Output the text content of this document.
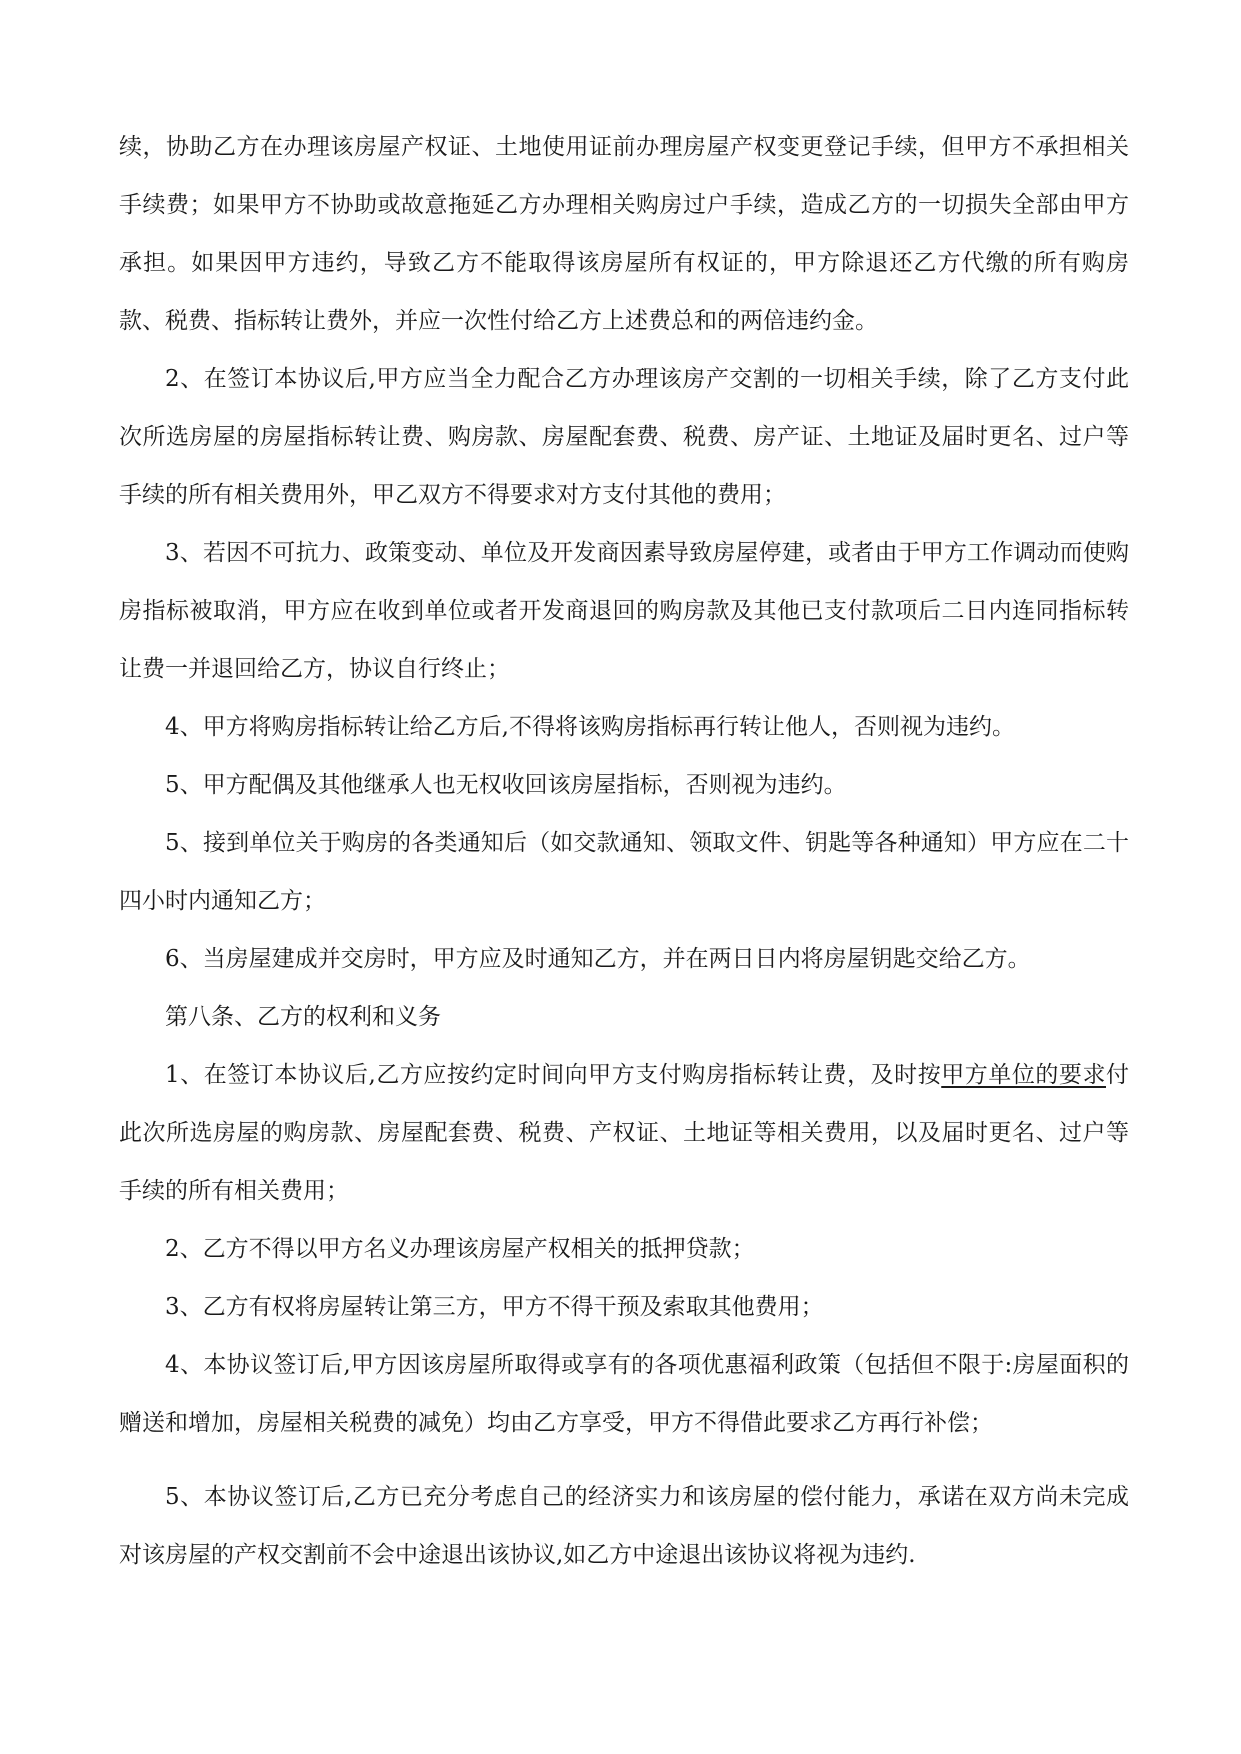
续，协助乙方在办理该房屋产权证、土地使用证前办理房屋产权变更登记手续，但甲方不承担相关手续费；如果甲方不协助或故意拖延乙方办理相关购房过户手续，造成乙方的一切损失全部由甲方承担。如果因甲方违约，导致乙方不能取得该房屋所有权证的，甲方除退还乙方代缴的所有购房款、税费、指标转让费外，并应一次性付给乙方上述费总和的两倍违约金。

2、在签订本协议后,甲方应当全力配合乙方办理该房产交割的一切相关手续，除了乙方支付此次所选房屋的房屋指标转让费、购房款、房屋配套费、税费、房产证、土地证及届时更名、过户等手续的所有相关费用外，甲乙双方不得要求对方支付其他的费用；

3、若因不可抗力、政策变动、单位及开发商因素导致房屋停建，或者由于甲方工作调动而使购房指标被取消，甲方应在收到单位或者开发商退回的购房款及其他已支付款项后二日内连同指标转让费一并退回给乙方，协议自行终止；

4、甲方将购房指标转让给乙方后,不得将该购房指标再行转让他人，否则视为违约。

5、甲方配偶及其他继承人也无权收回该房屋指标，否则视为违约。

5、接到单位关于购房的各类通知后（如交款通知、领取文件、钥匙等各种通知）甲方应在二十四小时内通知乙方；

6、当房屋建成并交房时，甲方应及时通知乙方，并在两日日内将房屋钥匙交给乙方。

第八条、乙方的权利和义务

1、在签订本协议后,乙方应按约定时间向甲方支付购房指标转让费，及时按甲方单位的要求付此次所选房屋的购房款、房屋配套费、税费、产权证、土地证等相关费用，以及届时更名、过户等手续的所有相关费用；

2、乙方不得以甲方名义办理该房屋产权相关的抵押贷款；

3、乙方有权将房屋转让第三方，甲方不得干预及索取其他费用；

4、本协议签订后,甲方因该房屋所取得或享有的各项优惠福利政策（包括但不限于:房屋面积的赠送和增加，房屋相关税费的减免）均由乙方享受，甲方不得借此要求乙方再行补偿；

5、本协议签订后,乙方已充分考虑自己的经济实力和该房屋的偿付能力，承诺在双方尚未完成对该房屋的产权交割前不会中途退出该协议,如乙方中途退出该协议将视为违约.
